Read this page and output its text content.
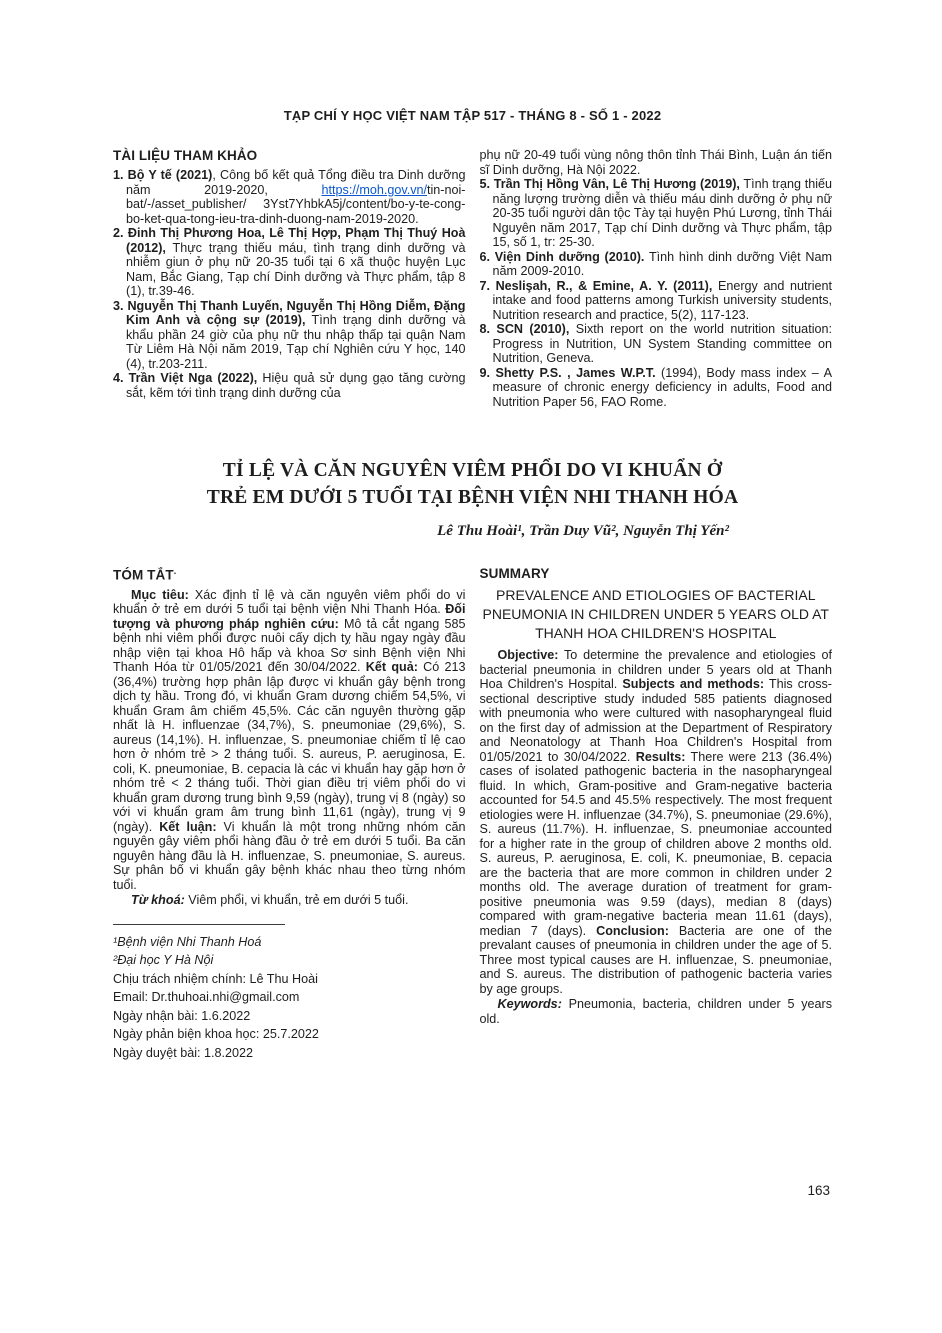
TẠP CHÍ Y HỌC VIỆT NAM TẬP 517 - THÁNG 8 - SỐ 1 - 2022
TÀI LIỆU THAM KHẢO

1. Bộ Y tế (2021), Công bố kết quả Tổng điều tra Dinh dưỡng năm 2019-2020, https://moh.gov.vn/tin-noi-bat/-/asset_publisher/ 3Yst7YhbkA5j/content/bo-y-te-cong-bo-ket-qua-tong-ieu-tra-dinh-duong-nam-2019-2020.

2. Đinh Thị Phương Hoa, Lê Thị Hợp, Phạm Thị Thuý Hoà (2012), Thực trạng thiếu máu, tình trạng dinh dưỡng và nhiễm giun ở phụ nữ 20-35 tuổi tại 6 xã thuộc huyện Lục Nam, Bắc Giang, Tạp chí Dinh dưỡng và Thực phẩm, tập 8 (1), tr.39-46.

3. Nguyễn Thị Thanh Luyến, Nguyễn Thị Hồng Diễm, Đặng Kim Anh và cộng sự (2019), Tình trạng dinh dưỡng và khẩu phần 24 giờ của phụ nữ thu nhập thấp tại quận Nam Từ Liêm Hà Nội năm 2019, Tạp chí Nghiên cứu Y học, 140 (4), tr.203-211.

4. Trần Việt Nga (2022), Hiệu quả sử dụng gạo tăng cường sắt, kẽm tới tình trạng dinh dưỡng của

phụ nữ 20-49 tuổi vùng nông thôn tỉnh Thái Bình, Luận án tiến sĩ Dinh dưỡng, Hà Nội 2022.

5. Trần Thị Hồng Vân, Lê Thị Hương (2019), Tình trạng thiếu năng lượng trường diễn và thiếu máu dinh dưỡng ở phụ nữ 20-35 tuổi người dân tộc Tày tại huyện Phú Lương, tỉnh Thái Nguyên năm 2017, Tạp chí Dinh dưỡng và Thực phẩm, tập 15, số 1, tr: 25-30.

6. Viện Dinh dưỡng (2010). Tình hình dinh dưỡng Việt Nam năm 2009-2010.

7. Neslişah, R., & Emine, A. Y. (2011), Energy and nutrient intake and food patterns among Turkish university students, Nutrition research and practice, 5(2), 117-123.

8. SCN (2010), Sixth report on the world nutrition situation: Progress in Nutrition, UN System Standing committee on Nutrition, Geneva.

9. Shetty P.S. , James W.P.T. (1994), Body mass index – A measure of chronic energy deficiency in adults, Food and Nutrition Paper 56, FAO Rome.

TỈ LỆ VÀ CĂN NGUYÊN VIÊM PHỔI DO VI KHUẨN Ở
TRẺ EM DƯỚI 5 TUỔI TẠI BỆNH VIỆN NHI THANH HÓA
Lê Thu Hoài¹, Trần Duy Vũ², Nguyễn Thị Yến²
TÓM TẮT.

Mục tiêu: Xác định tỉ lệ và căn nguyên viêm phổi do vi khuẩn ở trẻ em dưới 5 tuổi tại bệnh viện Nhi Thanh Hóa. Đối tượng và phương pháp nghiên cứu: Mô tả cắt ngang 585 bệnh nhi viêm phổi được nuôi cấy dịch tỵ hầu ngay ngày đầu nhập viện tại khoa Hô hấp và khoa Sơ sinh Bệnh viện Nhi Thanh Hóa từ 01/05/2021 đến 30/04/2022. Kết quả: Có 213 (36,4%) trường hợp phân lập được vi khuẩn gây bệnh trong dịch tỵ hầu. Trong đó, vi khuẩn Gram dương chiếm 54,5%, vi khuẩn Gram âm chiếm 45,5%. Các căn nguyên thường gặp nhất là H. influenzae (34,7%), S. pneumoniae (29,6%), S. aureus (14,1%). H. influenzae, S. pneumoniae chiếm tỉ lệ cao hơn ở nhóm trẻ > 2 tháng tuổi. S. aureus, P. aeruginosa, E. coli, K. pneumoniae, B. cepacia là các vi khuẩn hay gặp hơn ở nhóm trẻ < 2 tháng tuổi. Thời gian điều trị viêm phổi do vi khuẩn gram dương trung bình 9,59 (ngày), trung vị 8 (ngày) so với vi khuẩn gram âm trung bình 11,61 (ngày), trung vị 9 (ngày). Kết luận: Vi khuẩn là một trong những nhóm căn nguyên gây viêm phổi hàng đầu ở trẻ em dưới 5 tuổi. Ba căn nguyên hàng đầu là H. influenzae, S. pneumoniae, S. aureus. Sự phân bố vi khuẩn gây bệnh khác nhau theo từng nhóm tuổi.

Từ khoá: Viêm phổi, vi khuẩn, trẻ em dưới 5 tuổi.

¹Bệnh viện Nhi Thanh Hoá
²Đại học Y Hà Nội
Chịu trách nhiệm chính: Lê Thu Hoài
Email: Dr.thuhoai.nhi@gmail.com
Ngày nhận bài: 1.6.2022
Ngày phản biện khoa học: 25.7.2022
Ngày duyệt bài: 1.8.2022
SUMMARY
PREVALENCE AND ETIOLOGIES OF BACTERIAL PNEUMONIA IN CHILDREN UNDER 5 YEARS OLD AT THANH HOA CHILDREN'S HOSPITAL

Objective: To determine the prevalence and etiologies of bacterial pneumonia in children under 5 years old at Thanh Hoa Children's Hospital. Subjects and methods: This cross-sectional descriptive study induded 585 patients diagnosed with pneumonia who were cultured with nasopharyngeal fluid on the first day of admission at the Department of Respiratory and Neonatology at Thanh Hoa Children's Hospital from 01/05/2021 to 30/04/2022. Results: There were 213 (36.4%) cases of isolated pathogenic bacteria in the nasopharyngeal fluid. In which, Gram-positive and Gram-negative bacteria accounted for 54.5 and 45.5% respectively. The most frequent etiologies were H. influenzae (34.7%), S. pneumoniae (29.6%), S. aureus (11.7%). H. influenzae, S. pneumoniae accounted for a higher rate in the group of children above 2 months old. S. aureus, P. aeruginosa, E. coli, K. pneumoniae, B. cepacia are the bacteria that are more common in children under 2 months old. The average duration of treatment for gram-positive pneumonia was 9.59 (days), median 8 (days) compared with gram-negative bacteria mean 11.61 (days), median 7 (days). Conclusion: Bacteria are one of the prevalant causes of pneumonia in children under the age of 5. Three most typical causes are H. influenzae, S. pneumoniae, and S. aureus. The distribution of pathogenic bacteria varies by age groups.

Keywords: Pneumonia, bacteria, children under 5 years old.

163
